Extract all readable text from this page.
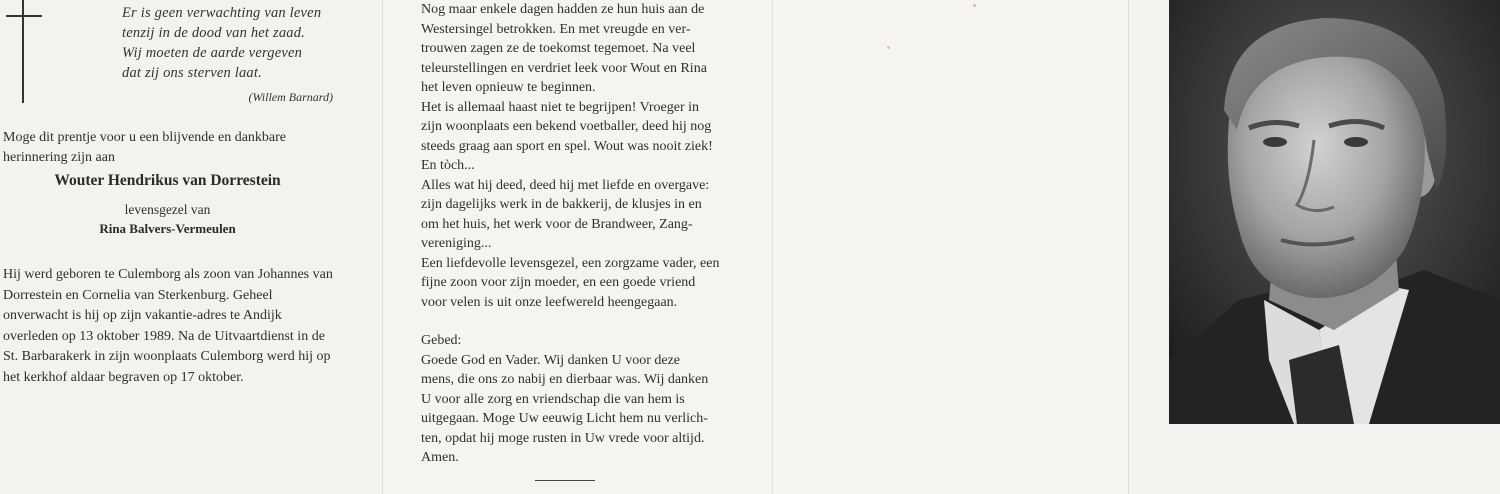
Er is geen verwachting van leven
tenzij in de dood van het zaad.
Wij moeten de aarde vergeven
dat zij ons sterven laat.
(Willem Barnard)
Moge dit prentje voor u een blijvende en dankbare herinnering zijn aan
Wouter Hendrikus van Dorrestein
levensgezel van
Rina Balvers-Vermeulen
Hij werd geboren te Culemborg als zoon van Johannes van Dorrestein en Cornelia van Sterkenburg. Geheel onverwacht is hij op zijn vakantie-adres te Andijk overleden op 13 oktober 1989. Na de Uitvaartdienst in de St. Barbarakerk in zijn woonplaats Culemborg werd hij op het kerkhof aldaar begraven op 17 oktober.
Nog maar enkele dagen hadden ze hun huis aan de
Westersingel betrokken. En met vreugde en ver-
trouwen zagen ze de toekomst tegemoet. Na veel
teleurstellingen en verdriet leek voor Wout en Rina
het leven opnieuw te beginnen.
Het is allemaal haast niet te begrijpen! Vroeger in
zijn woonplaats een bekend voetballer, deed hij nog
steeds graag aan sport en spel. Wout was nooit ziek!
En tòch...
Alles wat hij deed, deed hij met liefde en overgave:
zijn dagelijks werk in de bakkerij, de klusjes in en
om het huis, het werk voor de Brandweer, Zang-
vereniging...
Een liefdevolle levensgezel, een zorgzame vader, een
fijne zoon voor zijn moeder, en een goede vriend
voor velen is uit onze leefwereld heengegaan.
Gebed:
Goede God en Vader. Wij danken U voor deze
mens, die ons zo nabij en dierbaar was. Wij danken
U voor alle zorg en vriendschap die van hem is
uitgegaan. Moge Uw eeuwig Licht hem nu verlich-
ten, opdat hij moge rusten in Uw vrede voor altijd.
Amen.
